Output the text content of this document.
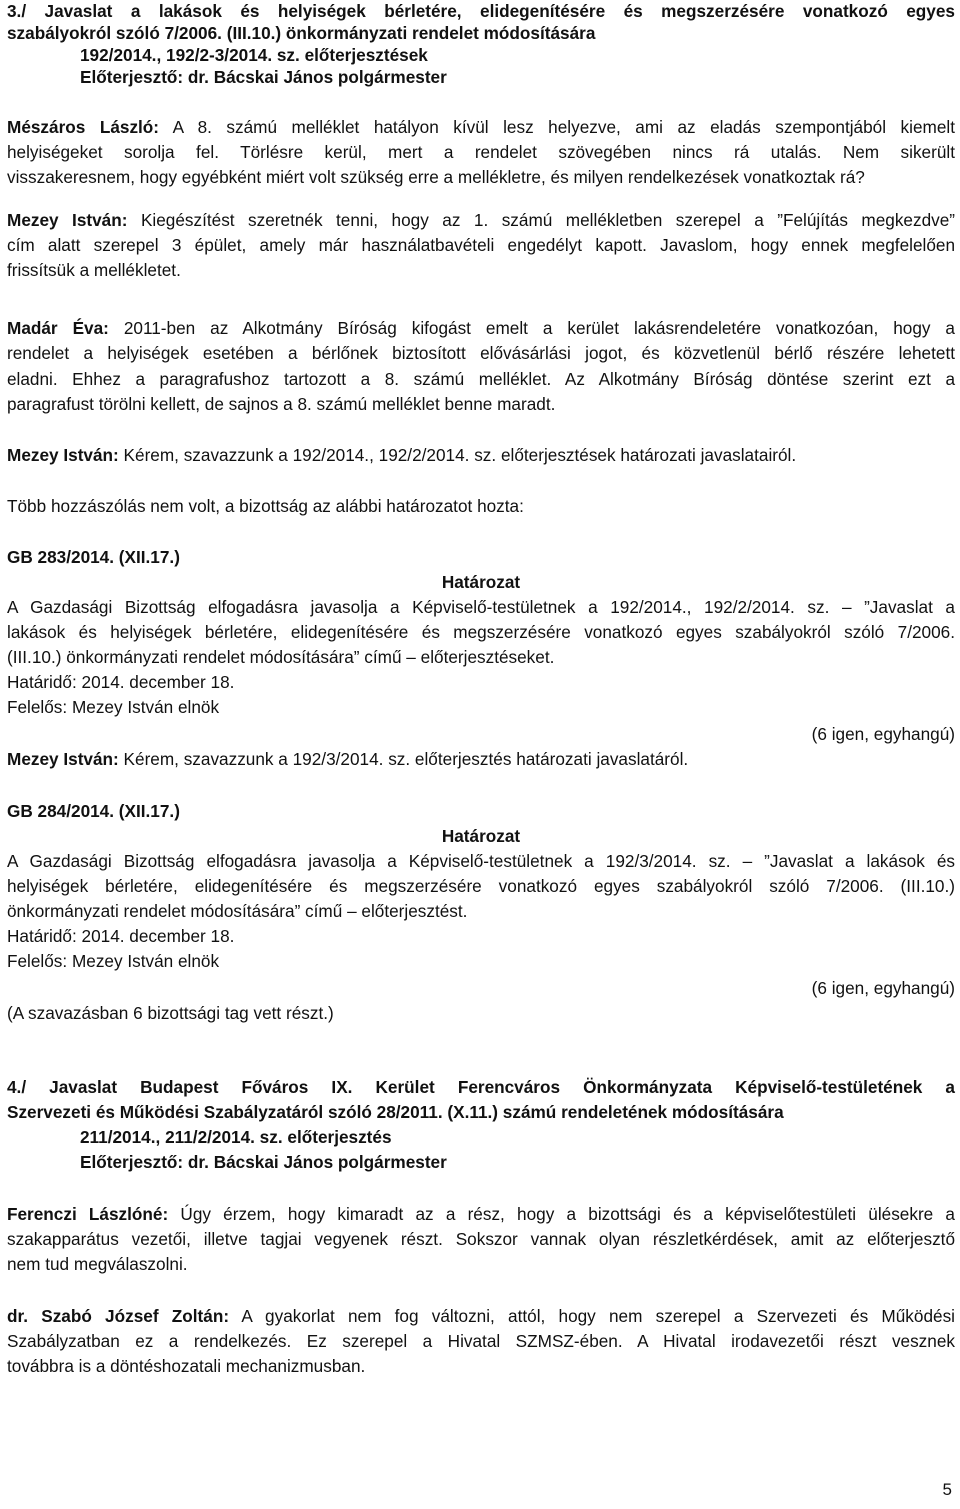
3./ Javaslat a lakások és helyiségek bérletére, elidegenítésére és megszerzésére vonatkozó egyes
szabályokról szóló 7/2006. (III.10.) önkormányzati rendelet módosítására
192/2014., 192/2-3/2014. sz. előterjesztések
Előterjesztő: dr. Bácskai János polgármester
Mészáros László: A 8. számú melléklet hatályon kívül lesz helyezve, ami az eladás szempontjából kiemelt
helyiségeket sorolja fel. Törlésre kerül, mert a rendelet szövegében nincs rá utalás. Nem sikerült
visszakeresnem, hogy egyébként miért volt szükség erre a mellékletre, és milyen rendelkezések vonatkoztak rá?
Mezey István: Kiegészítést szeretnék tenni, hogy az 1. számú mellékletben szerepel a ”Felújítás megkezdve”
cím alatt szerepel 3 épület, amely már használatbavételi engedélyt kapott. Javaslom, hogy ennek megfelelően
frissítsük a mellékletet.
Madár Éva: 2011-ben az Alkotmány Bíróság kifogást emelt a kerület lakásrendeletére vonatkozóan, hogy a
rendelet a helyiségek esetében a bérlőnek biztosított elővásárlási jogot, és közvetlenül bérlő részére lehetett
eladni. Ehhez a paragrafushoz tartozott a 8. számú melléklet. Az Alkotmány Bíróság döntése szerint ezt a
paragrafust törölni kellett, de sajnos a 8. számú melléklet benne maradt.
Mezey István: Kérem, szavazzunk a 192/2014., 192/2/2014. sz. előterjesztések határozati javaslatairól.
Több hozzászólás nem volt, a bizottság az alábbi határozatot hozta:
GB 283/2014. (XII.17.)
Határozat
A Gazdasági Bizottság elfogadásra javasolja a Képviselő-testületnek a 192/2014., 192/2/2014. sz. – ”Javaslat a
lakások és helyiségek bérletére, elidegenítésére és megszerzésére vonatkozó egyes szabályokról szóló 7/2006.
(III.10.) önkormányzati rendelet módosítására” című – előterjesztéseket.
Határidő: 2014. december 18.
Felelős: Mezey István elnök
(6 igen, egyhangú)
Mezey István: Kérem, szavazzunk a 192/3/2014. sz. előterjesztés határozati javaslatáról.
GB 284/2014. (XII.17.)
Határozat
A Gazdasági Bizottság elfogadásra javasolja a Képviselő-testületnek a 192/3/2014. sz. – ”Javaslat a lakások és
helyiségek bérletére, elidegenítésére és megszerzésére vonatkozó egyes szabályokról szóló 7/2006. (III.10.)
önkormányzati rendelet módosítására” című – előterjesztést.
Határidő: 2014. december 18.
Felelős: Mezey István elnök
(6 igen, egyhangú)
(A szavazásban 6 bizottsági tag vett részt.)
4./ Javaslat Budapest Főváros IX. Kerület Ferencváros Önkormányzata Képviselő-testületének a
Szervezeti és Működési Szabályzatáról szóló 28/2011. (X.11.) számú rendeletének módosítására
211/2014., 211/2/2014. sz. előterjesztés
Előterjesztő: dr. Bácskai János polgármester
Ferenczi Lászlóné: Úgy érzem, hogy kimaradt az a rész, hogy a bizottsági és a képviselőtestületi ülésekre a
szakapparátus vezetői, illetve tagjai vegyenek részt. Sokszor vannak olyan részletkérdések, amit az előterjesztő
nem tud megválaszolni.
dr. Szabó József Zoltán: A gyakorlat nem fog változni, attól, hogy nem szerepel a Szervezeti és Működési
Szabályzatban ez a rendelkezés. Ez szerepel a Hivatal SZMSZ-ében. A Hivatal irodavezetői részt vesznek
továbbra is a döntéshozatali mechanizmusban.
5
